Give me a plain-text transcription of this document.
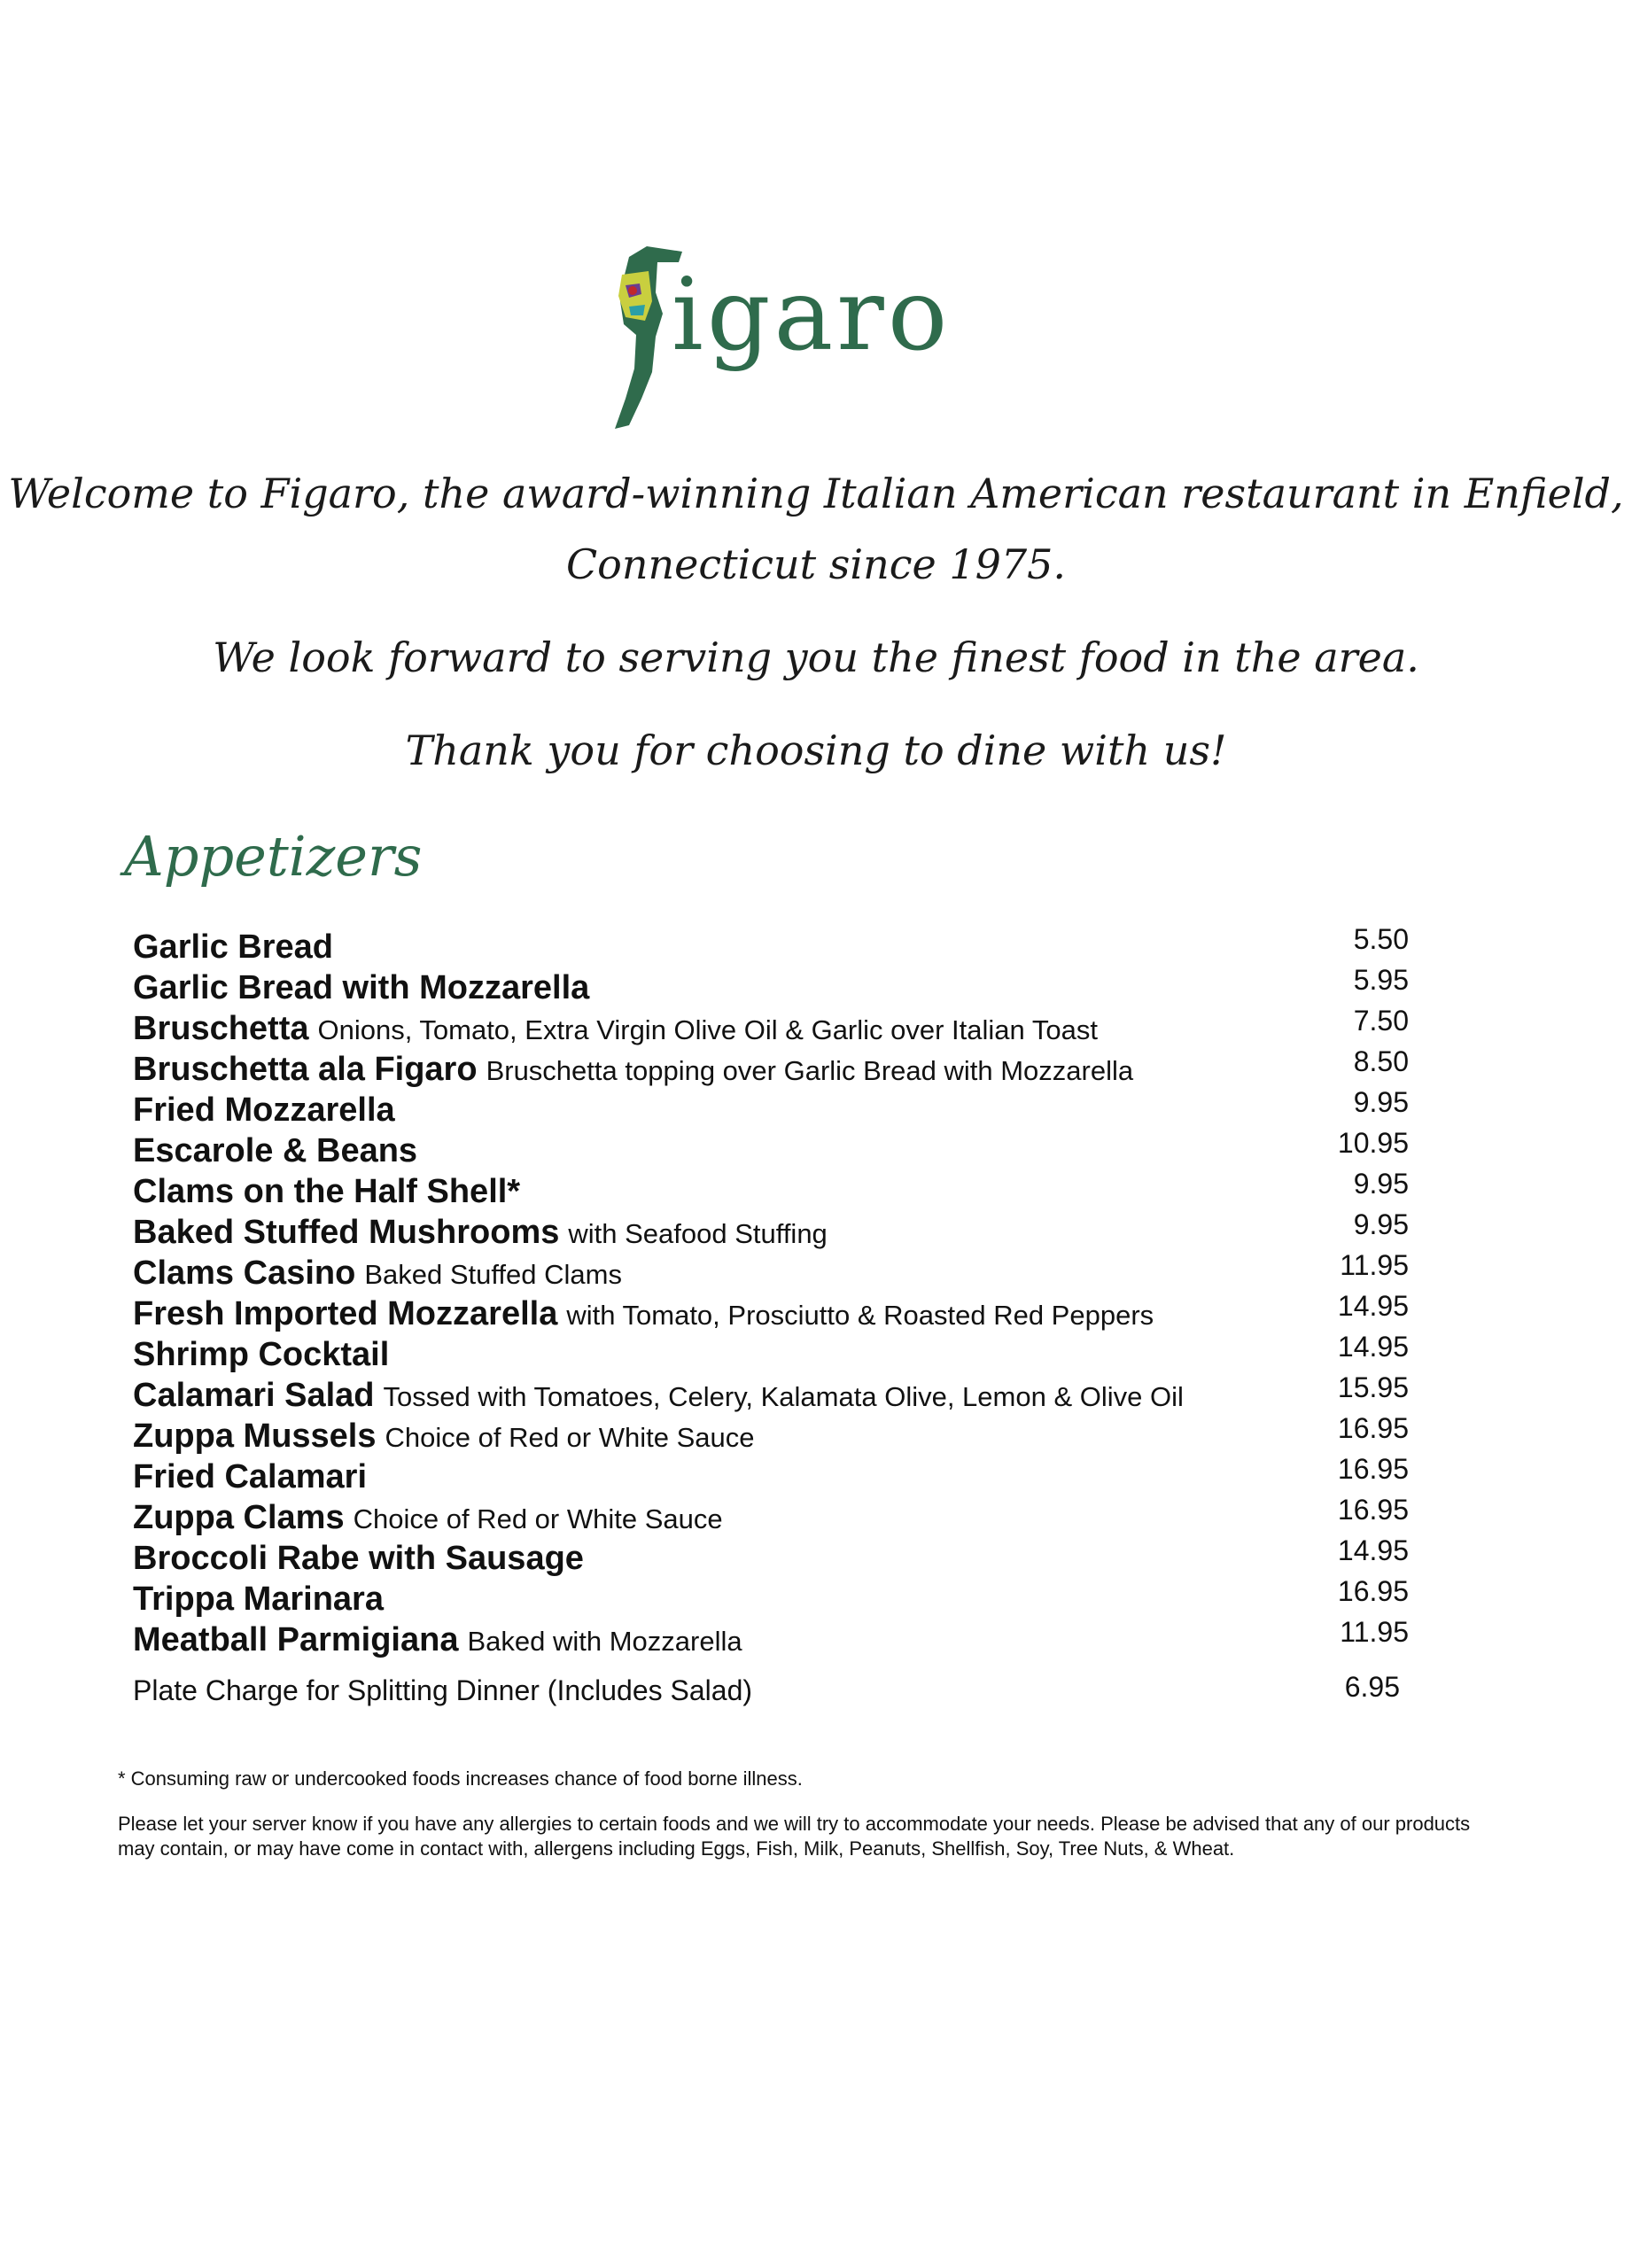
igaro
Welcome to Figaro, the award-winning Italian American restaurant in Enfield,
Connecticut since 1975.
We look forward to serving you the finest food in the area.
Thank you for choosing to dine with us!
Appetizers
Garlic Bread	5.50
Garlic Bread with Mozzarella	5.95
Bruschetta Onions, Tomato, Extra Virgin Olive Oil & Garlic over Italian Toast	7.50
Bruschetta ala Figaro Bruschetta topping over Garlic Bread with Mozzarella	8.50
Fried Mozzarella	9.95
Escarole & Beans	10.95
Clams on the Half Shell*	9.95
Baked Stuffed Mushrooms with Seafood Stuffing	9.95
Clams Casino Baked Stuffed Clams	11.95
Fresh Imported Mozzarella with Tomato, Prosciutto & Roasted Red Peppers	14.95
Shrimp Cocktail	14.95
Calamari Salad Tossed with Tomatoes, Celery, Kalamata Olive, Lemon & Olive Oil	15.95
Zuppa Mussels Choice of Red or White Sauce	16.95
Fried Calamari	16.95
Zuppa Clams Choice of Red or White Sauce	16.95
Broccoli Rabe with Sausage	14.95
Trippa Marinara	16.95
Meatball Parmigiana Baked with Mozzarella	11.95
Plate Charge for Splitting Dinner (Includes Salad)	6.95
* Consuming raw or undercooked foods increases chance of food borne illness.
Please let your server know if you have any allergies to certain foods and we will try to accommodate your needs. Please be advised that any of our products may contain, or may have come in contact with, allergens including Eggs, Fish, Milk, Peanuts, Shellfish, Soy, Tree Nuts, & Wheat.
